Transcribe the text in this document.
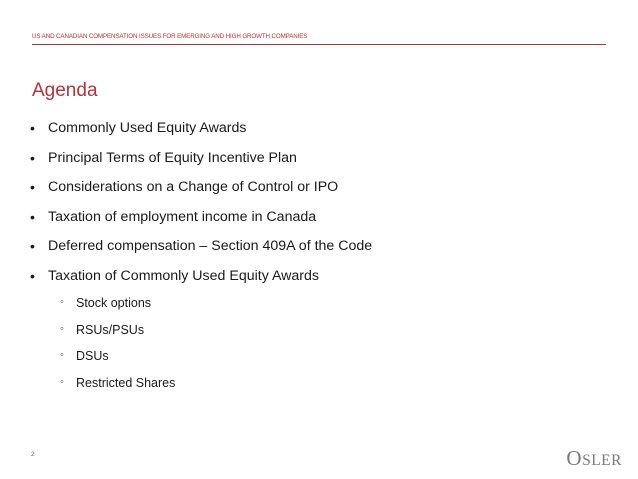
US AND CANADIAN COMPENSATION ISSUES FOR EMERGING AND HIGH GROWTH COMPANIES
Agenda
• Commonly Used Equity Awards
• Principal Terms of Equity Incentive Plan
• Considerations on a Change of Control or IPO
• Taxation of employment income in Canada
• Deferred compensation – Section 409A of the Code
• Taxation of Commonly Used Equity Awards
◦ Stock options
◦ RSUs/PSUs
◦ DSUs
◦ Restricted Shares
2	OSLER
